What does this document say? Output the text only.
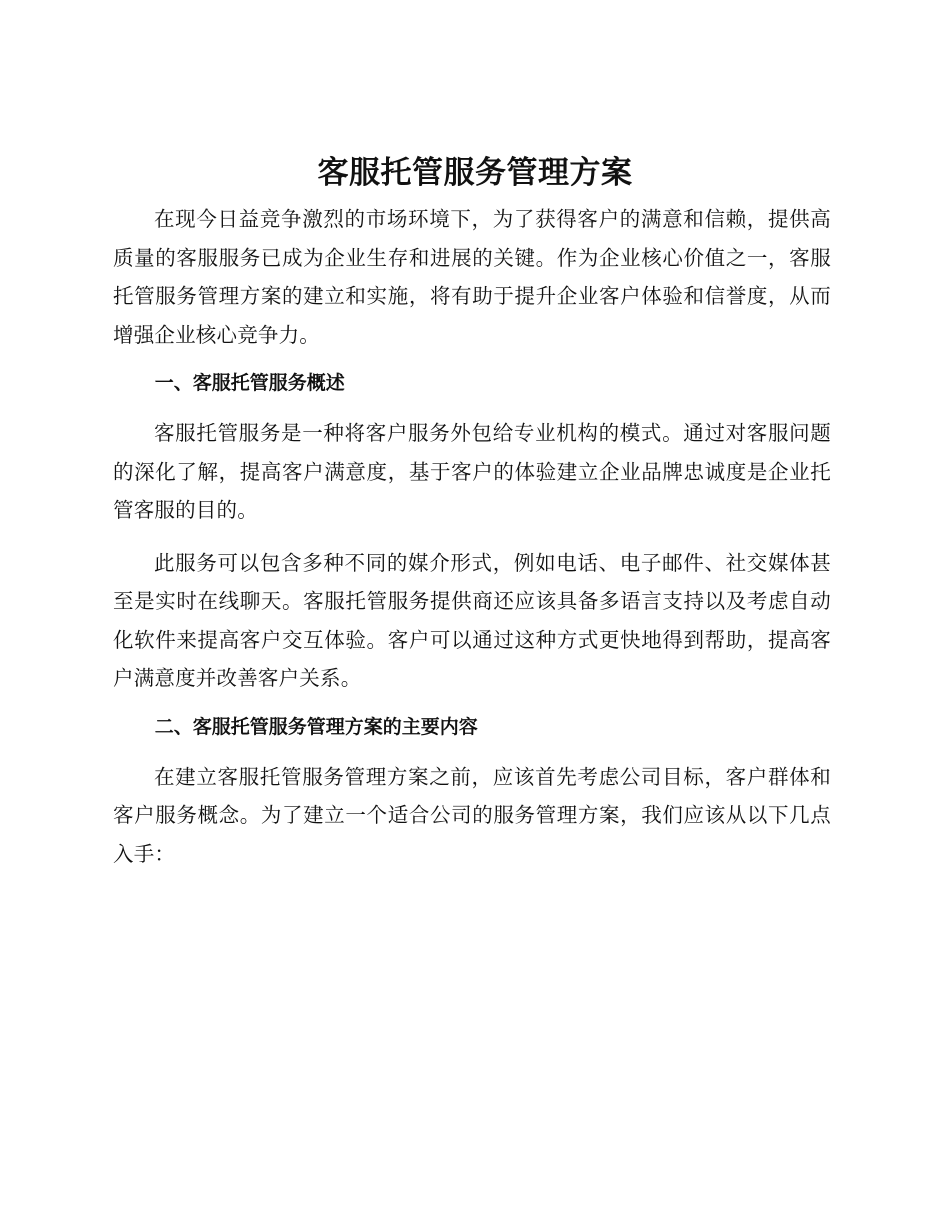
客服托管服务管理方案

在现今日益竞争激烈的市场环境下，为了获得客户的满意和信赖，提供高质量的客服服务已成为企业生存和进展的关键。作为企业核心价值之一，客服托管服务管理方案的建立和实施，将有助于提升企业客户体验和信誉度，从而增强企业核心竞争力。

一、客服托管服务概述

客服托管服务是一种将客户服务外包给专业机构的模式。通过对客服问题的深化了解，提高客户满意度，基于客户的体验建立企业品牌忠诚度是企业托管客服的目的。

此服务可以包含多种不同的媒介形式，例如电话、电子邮件、社交媒体甚至是实时在线聊天。客服托管服务提供商还应该具备多语言支持以及考虑自动化软件来提高客户交互体验。客户可以通过这种方式更快地得到帮助，提高客户满意度并改善客户关系。

二、客服托管服务管理方案的主要内容

在建立客服托管服务管理方案之前，应该首先考虑公司目标，客户群体和客户服务概念。为了建立一个适合公司的服务管理方案，我们应该从以下几点入手：
